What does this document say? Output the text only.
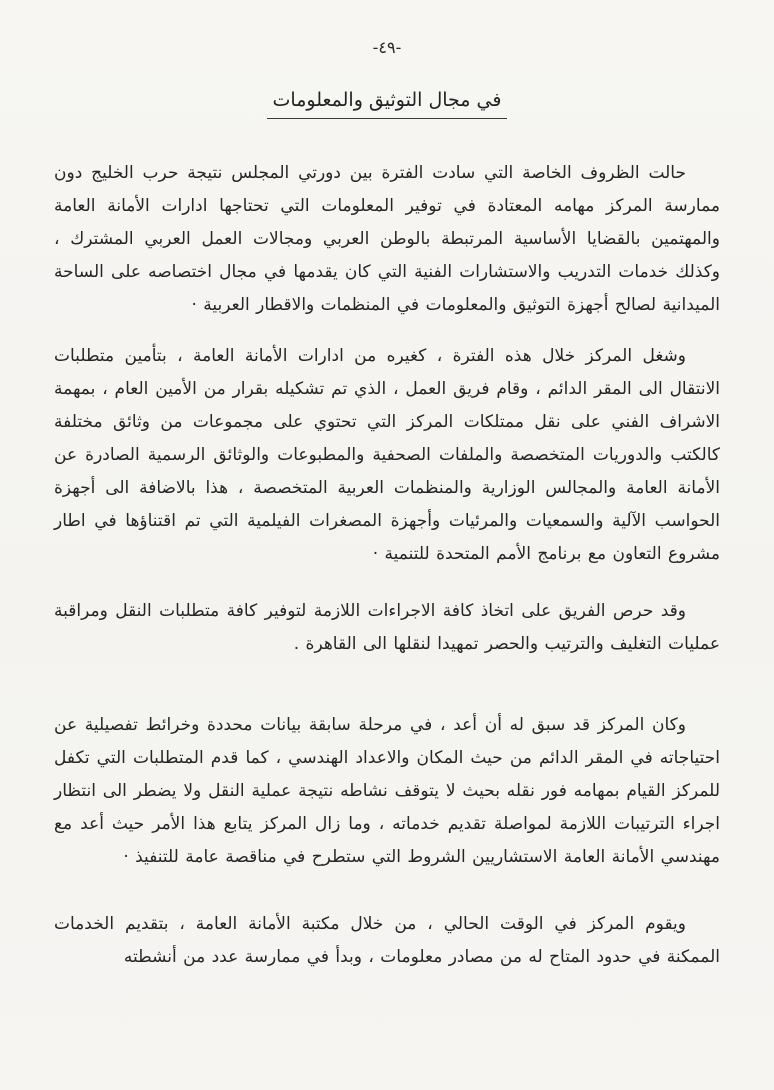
-٤٩-
في مجال التوثيق والمعلومات

حالت الظروف الخاصة التي سادت الفترة بين دورتي المجلس نتيجة حرب الخليج دون ممارسة المركز مهامه المعتادة في توفير المعلومات التي تحتاجها ادارات الأمانة العامة والمهتمين بالقضايا الأساسية المرتبطة بالوطن العربي ومجالات العمل العربي المشترك ، وكذلك خدمات التدريب والاستشارات الفنية التي كان يقدمها في مجال اختصاصه على الساحة الميدانية لصالح أجهزة التوثيق والمعلومات في المنظمات والاقطار العربية ·

وشغل المركز خلال هذه الفترة ، كغيره من ادارات الأمانة العامة ، بتأمين متطلبات الانتقال الى المقر الدائم ، وقام فريق العمل ، الذي تم تشكيله بقرار من الأمين العام ، بمهمة الاشراف الفني على نقل ممتلكات المركز التي تحتوي على مجموعات من وثائق مختلفة كالكتب والدوريات المتخصصة والملفات الصحفية والمطبوعات والوثائق الرسمية الصادرة عن الأمانة العامة والمجالس الوزارية والمنظمات العربية المتخصصة ، هذا بالاضافة الى أجهزة الحواسب الآلية والسمعيات والمرئيات وأجهزة المصغرات الفيلمية التي تم اقتناؤها في اطار مشروع التعاون مع برنامج الأمم المتحدة للتنمية ·

وقد حرص الفريق على اتخاذ كافة الاجراءات اللازمة لتوفير كافة متطلبات النقل ومراقبة عمليات التغليف والترتيب والحصر تمهيدا لنقلها الى القاهرة .

وكان المركز قد سبق له أن أعد ، في مرحلة سابقة بيانات محددة وخرائط تفصيلية عن احتياجاته في المقر الدائم من حيث المكان والاعداد الهندسي ، كما قدم المتطلبات التي تكفل للمركز القيام بمهامه فور نقله بحيث لا يتوقف نشاطه نتيجة عملية النقل ولا يضطر الى انتظار اجراء الترتيبات اللازمة لمواصلة تقديم خدماته ، وما زال المركز يتابع هذا الأمر حيث أعد مع مهندسي الأمانة العامة الاستشاريين الشروط التي ستطرح في مناقصة عامة للتنفيذ ·

ويقوم المركز في الوقت الحالي ، من خلال مكتبة الأمانة العامة ، بتقديم الخدمات الممكنة في حدود المتاح له من مصادر معلومات ، وبدأ في ممارسة عدد من أنشطته
